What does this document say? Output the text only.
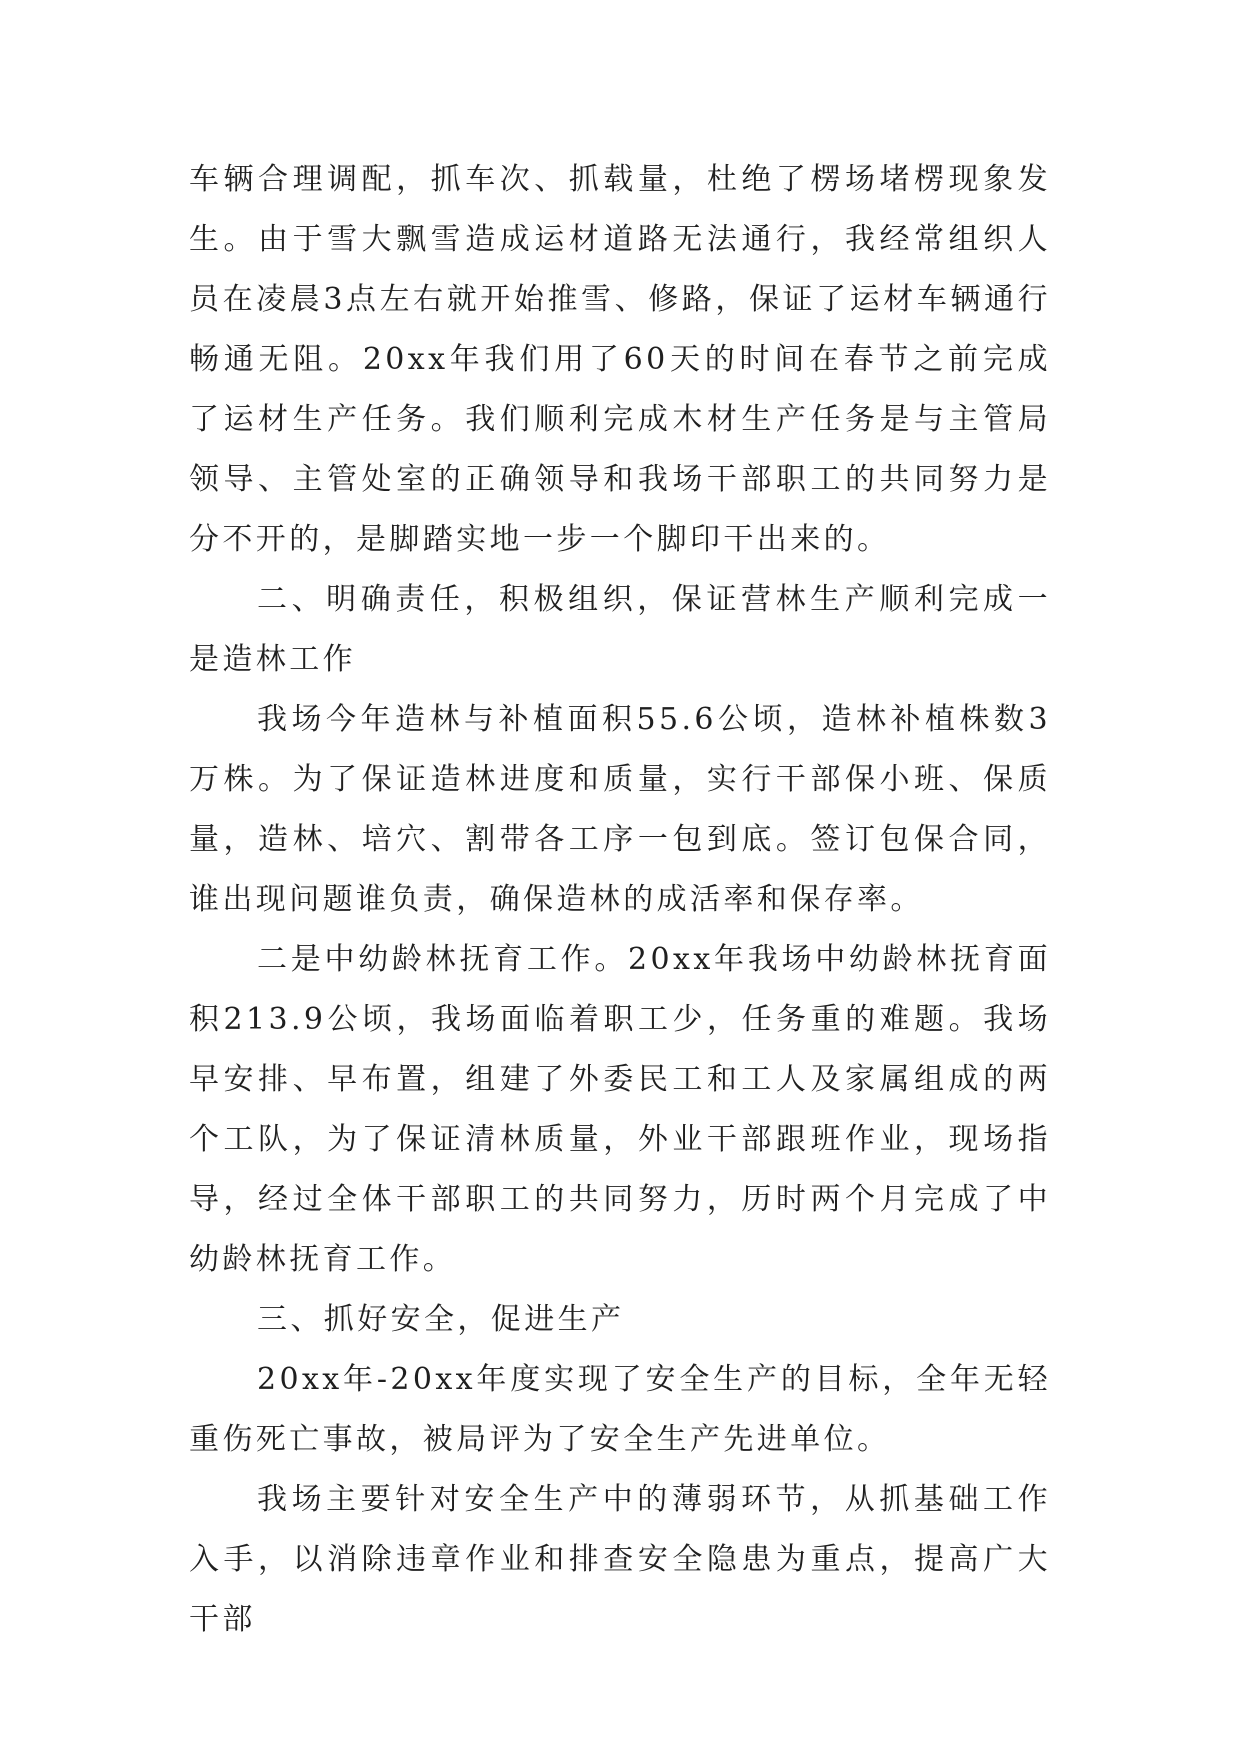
车辆合理调配，抓车次、抓载量，杜绝了楞场堵楞现象发生。由于雪大飘雪造成运材道路无法通行，我经常组织人员在凌晨3点左右就开始推雪、修路，保证了运材车辆通行畅通无阻。20xx年我们用了60天的时间在春节之前完成了运材生产任务。我们顺利完成木材生产任务是与主管局领导、主管处室的正确领导和我场干部职工的共同努力是分不开的，是脚踏实地一步一个脚印干出来的。

二、明确责任，积极组织，保证营林生产顺利完成一是造林工作

我场今年造林与补植面积55.6公顷，造林补植株数3万株。为了保证造林进度和质量，实行干部保小班、保质量，造林、培穴、割带各工序一包到底。签订包保合同，谁出现问题谁负责，确保造林的成活率和保存率。

二是中幼龄林抚育工作。20xx年我场中幼龄林抚育面积213.9公顷，我场面临着职工少，任务重的难题。我场早安排、早布置，组建了外委民工和工人及家属组成的两个工队，为了保证清林质量，外业干部跟班作业，现场指导，经过全体干部职工的共同努力，历时两个月完成了中幼龄林抚育工作。

三、抓好安全，促进生产

20xx年-20xx年度实现了安全生产的目标，全年无轻重伤死亡事故，被局评为了安全生产先进单位。

我场主要针对安全生产中的薄弱环节，从抓基础工作入手，以消除违章作业和排查安全隐患为重点，提高广大干部
